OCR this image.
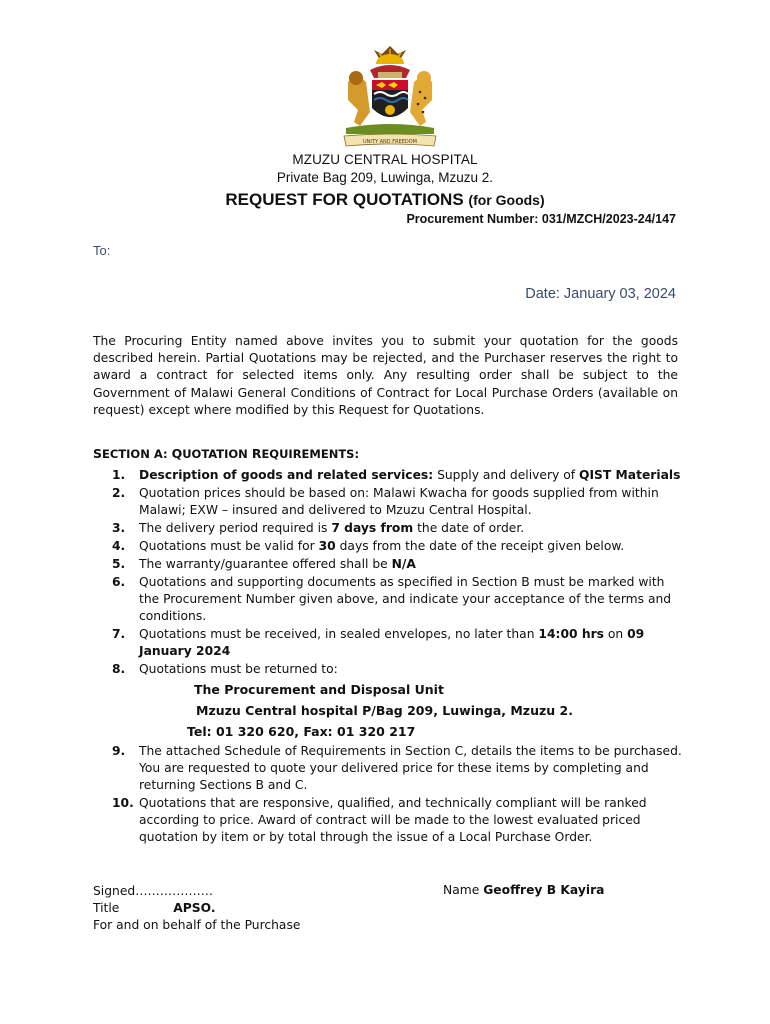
UNITY AND FREEDOM
MZUZU CENTRAL HOSPITAL
Private Bag 209, Luwinga, Mzuzu 2.
REQUEST FOR QUOTATIONS (for Goods)
Procurement Number: 031/MZCH/2023-24/147
To:
Date: January 03, 2024
The Procuring Entity named above invites you to submit your quotation for the goods described herein. Partial Quotations may be rejected, and the Purchaser reserves the right to award a contract for selected items only. Any resulting order shall be subject to the Government of Malawi General Conditions of Contract for Local Purchase Orders (available on request) except where modified by this Request for Quotations.
SECTION A: QUOTATION REQUIREMENTS:
1. Description of goods and related services: Supply and delivery of QIST Materials
2. Quotation prices should be based on: Malawi Kwacha for goods supplied from within Malawi; EXW – insured and delivered to Mzuzu Central Hospital.
3. The delivery period required is 7 days from the date of order.
4. Quotations must be valid for 30 days from the date of the receipt given below.
5. The warranty/guarantee offered shall be N/A
6. Quotations and supporting documents as specified in Section B must be marked with the Procurement Number given above, and indicate your acceptance of the terms and conditions.
7. Quotations must be received, in sealed envelopes, no later than 14:00 hrs on 09 January 2024
8. Quotations must be returned to:
The Procurement and Disposal Unit
Mzuzu Central hospital P/Bag 209, Luwinga, Mzuzu 2.
Tel: 01 320 620, Fax: 01 320 217
9. The attached Schedule of Requirements in Section C, details the items to be purchased. You are requested to quote your delivered price for these items by completing and returning Sections B and C.
10. Quotations that are responsive, qualified, and technically compliant will be ranked according to price. Award of contract will be made to the lowest evaluated priced quotation by item or by total through the issue of a Local Purchase Order.
Signed……………….
Title	APSO.
For and on behalf of the Purchase
Name Geoffrey B Kayira
